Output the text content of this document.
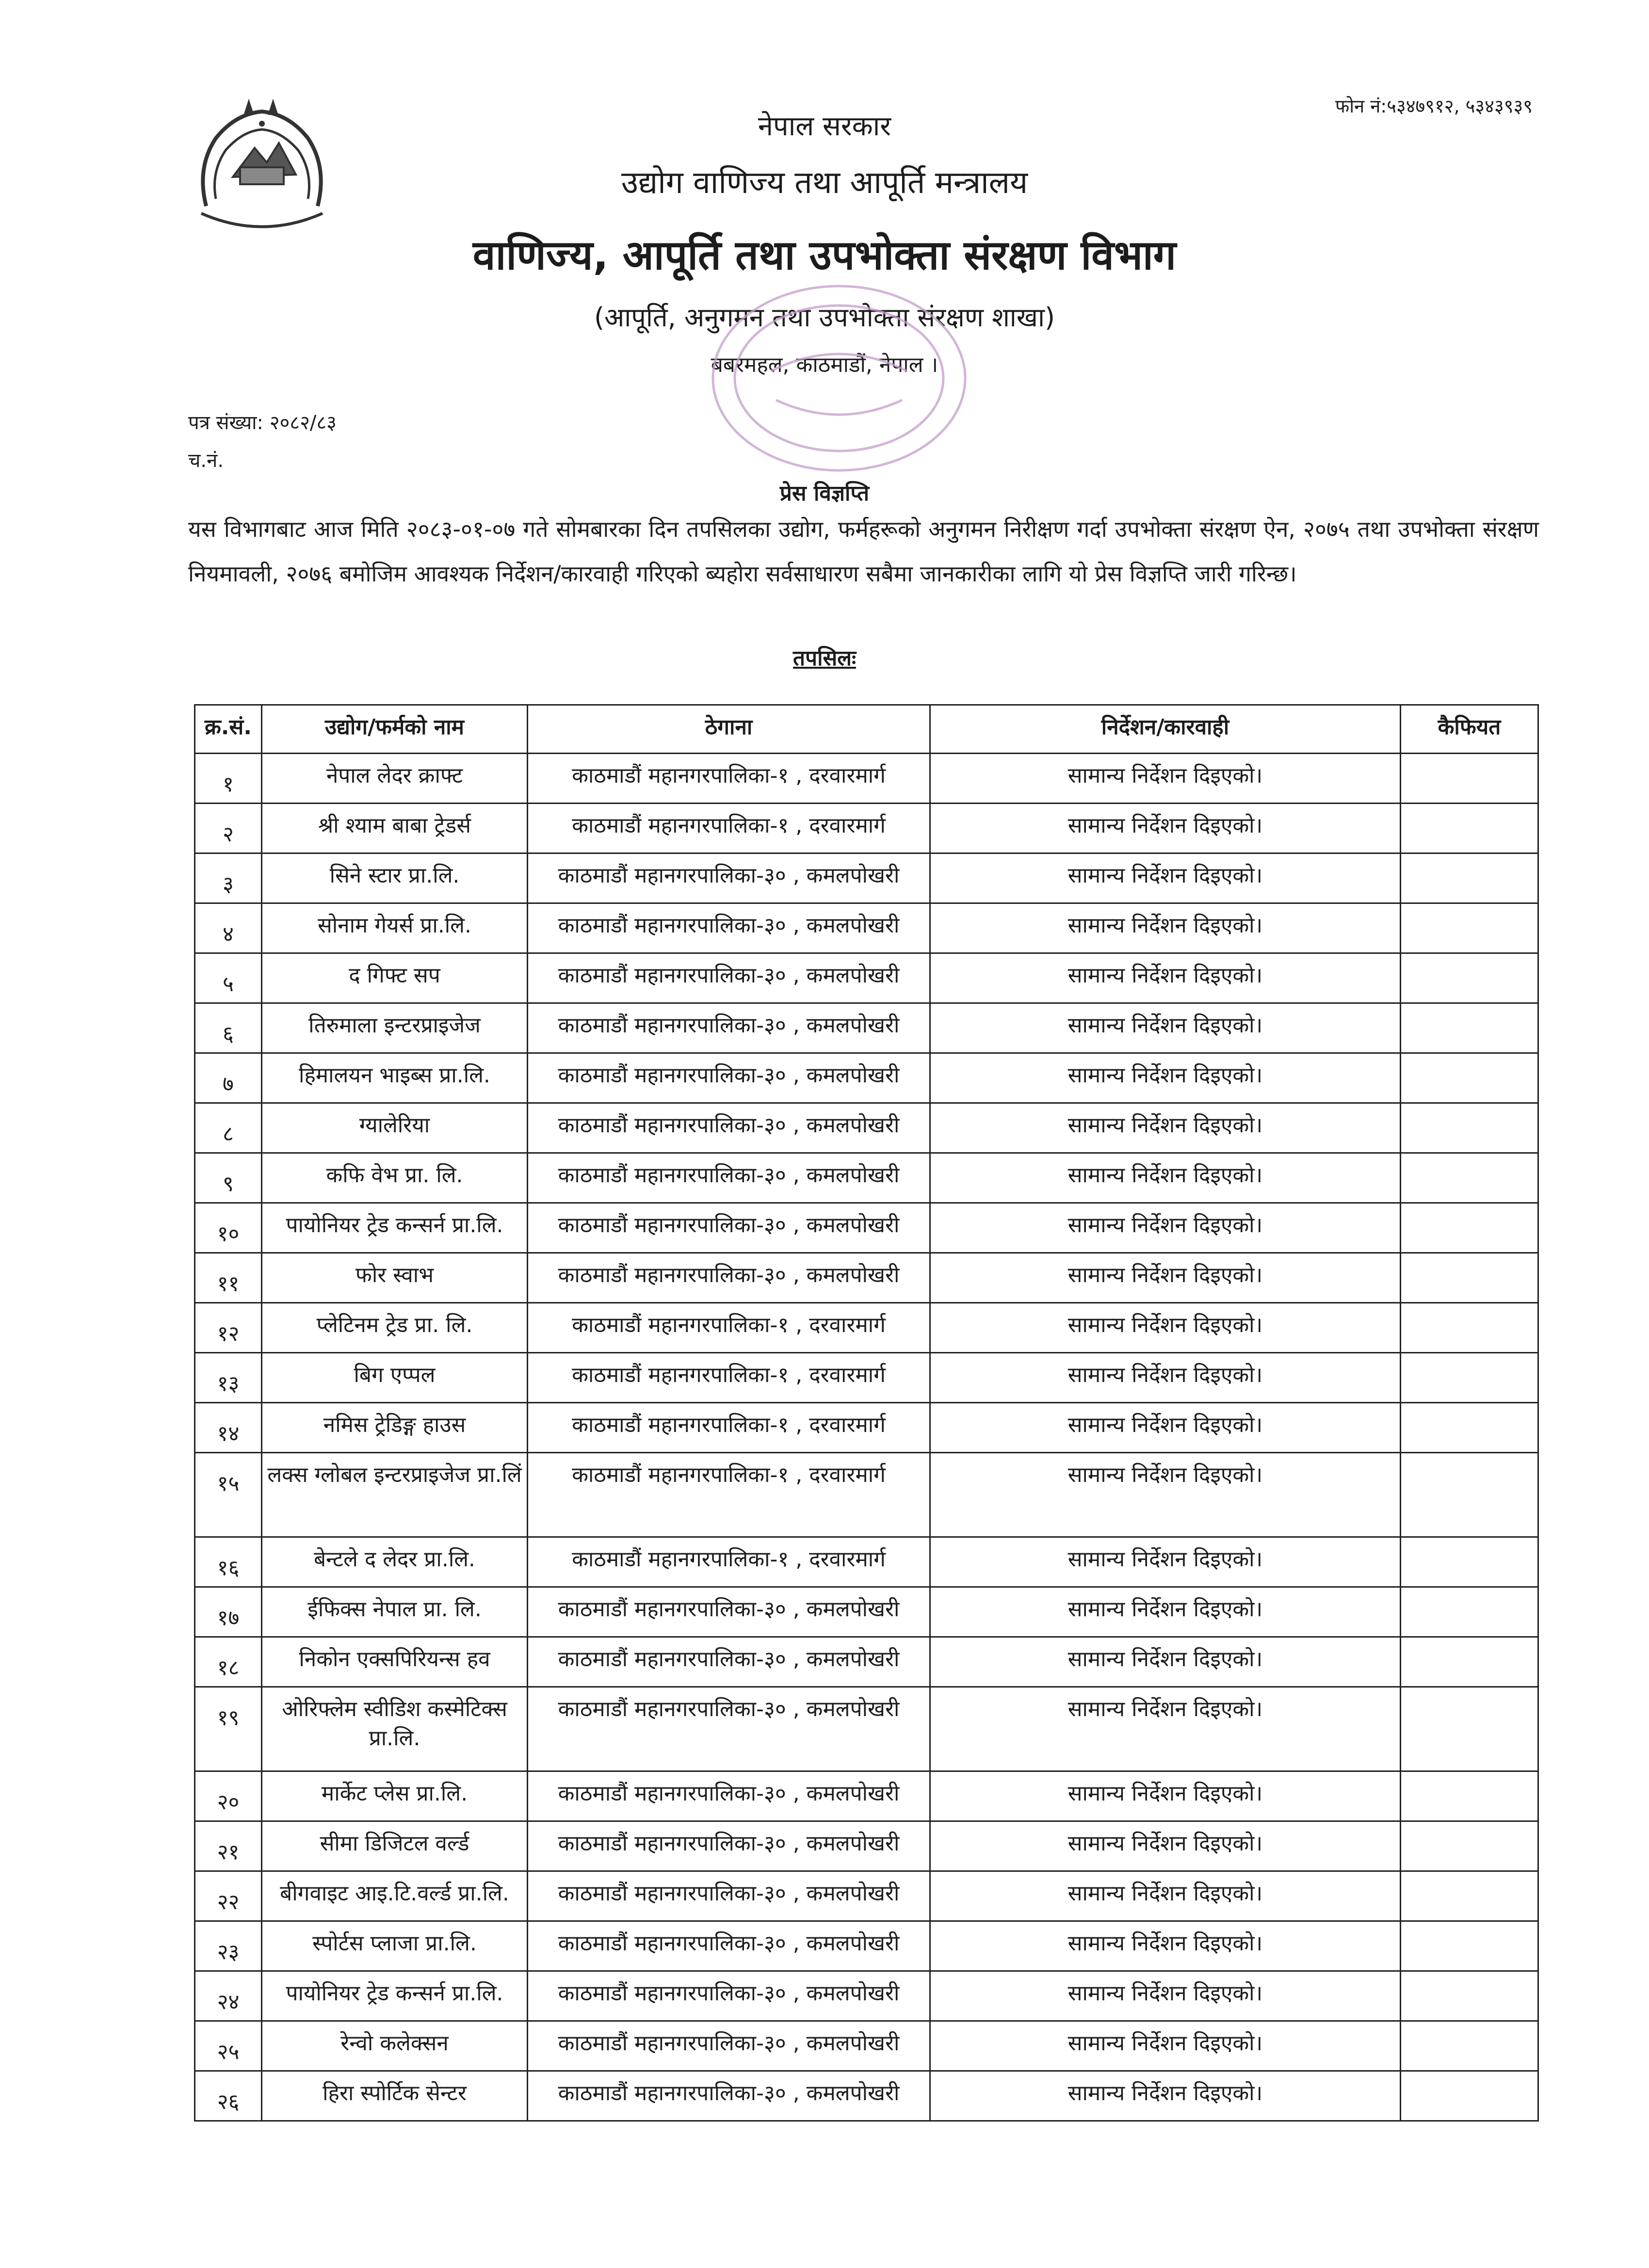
फोन नं:५३४७९१२, ५३४३९३९
नेपाल सरकार
उद्योग वाणिज्य तथा आपूर्ति मन्त्रालय
वाणिज्य, आपूर्ति तथा उपभोक्ता संरक्षण विभाग
(आपूर्ति, अनुगमन तथा उपभोक्ता संरक्षण शाखा)
बबरमहल, काठमाडौं, नेपाल ।
पत्र संख्या: २०८२/८३
च.नं.
प्रेस विज्ञप्ति
यस विभागबाट आज मिति २०८३-०१-०७ गते सोमबारका दिन तपसिलका उद्योग, फर्महरूको अनुगमन निरीक्षण गर्दा उपभोक्ता संरक्षण ऐन, २०७५ तथा उपभोक्ता संरक्षण नियमावली, २०७६ बमोजिम आवश्यक निर्देशन/कारवाही गरिएको ब्यहोरा सर्वसाधारण सबैमा जानकारीका लागि यो प्रेस विज्ञप्ति जारी गरिन्छ।
तपसिलः
क्र.सं.	उद्योग/फर्मको नाम	ठेगाना	निर्देशन/कारवाही	कैफियत
१	नेपाल लेदर क्राफ्ट	काठमाडौं महानगरपालिका-१ , दरवारमार्ग	सामान्य निर्देशन दिइएको।	
२	श्री श्याम बाबा ट्रेडर्स	काठमाडौं महानगरपालिका-१ , दरवारमार्ग	सामान्य निर्देशन दिइएको।	
३	सिने स्टार प्रा.लि.	काठमाडौं महानगरपालिका-३० , कमलपोखरी	सामान्य निर्देशन दिइएको।	
४	सोनाम गेयर्स प्रा.लि.	काठमाडौं महानगरपालिका-३० , कमलपोखरी	सामान्य निर्देशन दिइएको।	
५	द गिफ्ट सप	काठमाडौं महानगरपालिका-३० , कमलपोखरी	सामान्य निर्देशन दिइएको।	
६	तिरुमाला इन्टरप्राइजेज	काठमाडौं महानगरपालिका-३० , कमलपोखरी	सामान्य निर्देशन दिइएको।	
७	हिमालयन भाइब्स प्रा.लि.	काठमाडौं महानगरपालिका-३० , कमलपोखरी	सामान्य निर्देशन दिइएको।	
८	ग्यालेरिया	काठमाडौं महानगरपालिका-३० , कमलपोखरी	सामान्य निर्देशन दिइएको।	
९	कफि वेभ प्रा. लि.	काठमाडौं महानगरपालिका-३० , कमलपोखरी	सामान्य निर्देशन दिइएको।	
१०	पायोनियर ट्रेड कन्सर्न प्रा.लि.	काठमाडौं महानगरपालिका-३० , कमलपोखरी	सामान्य निर्देशन दिइएको।	
११	फोर स्वाभ	काठमाडौं महानगरपालिका-३० , कमलपोखरी	सामान्य निर्देशन दिइएको।	
१२	प्लेटिनम ट्रेड प्रा. लि.	काठमाडौं महानगरपालिका-१ , दरवारमार्ग	सामान्य निर्देशन दिइएको।	
१३	बिग एप्पल	काठमाडौं महानगरपालिका-१ , दरवारमार्ग	सामान्य निर्देशन दिइएको।	
१४	नमिस ट्रेडिङ्ग हाउस	काठमाडौं महानगरपालिका-१ , दरवारमार्ग	सामान्य निर्देशन दिइएको।	
१५	लक्स ग्लोबल इन्टरप्राइजेज प्रा.लिं	काठमाडौं महानगरपालिका-१ , दरवारमार्ग	सामान्य निर्देशन दिइएको।	
१६	बेन्टले द लेदर प्रा.लि.	काठमाडौं महानगरपालिका-१ , दरवारमार्ग	सामान्य निर्देशन दिइएको।	
१७	ईफिक्स नेपाल प्रा. लि.	काठमाडौं महानगरपालिका-३० , कमलपोखरी	सामान्य निर्देशन दिइएको।	
१८	निकोन एक्सपिरियन्स हव	काठमाडौं महानगरपालिका-३० , कमलपोखरी	सामान्य निर्देशन दिइएको।	
१९	ओरिफ्लेम स्वीडिश कस्मेटिक्स प्रा.लि.	काठमाडौं महानगरपालिका-३० , कमलपोखरी	सामान्य निर्देशन दिइएको।	
२०	मार्केट प्लेस प्रा.लि.	काठमाडौं महानगरपालिका-३० , कमलपोखरी	सामान्य निर्देशन दिइएको।	
२१	सीमा डिजिटल वर्ल्ड	काठमाडौं महानगरपालिका-३० , कमलपोखरी	सामान्य निर्देशन दिइएको।	
२२	बीगवाइट आइ.टि.वर्ल्ड प्रा.लि.	काठमाडौं महानगरपालिका-३० , कमलपोखरी	सामान्य निर्देशन दिइएको।	
२३	स्पोर्टस प्लाजा प्रा.लि.	काठमाडौं महानगरपालिका-३० , कमलपोखरी	सामान्य निर्देशन दिइएको।	
२४	पायोनियर ट्रेड कन्सर्न प्रा.लि.	काठमाडौं महानगरपालिका-३० , कमलपोखरी	सामान्य निर्देशन दिइएको।	
२५	रेन्वो कलेक्सन	काठमाडौं महानगरपालिका-३० , कमलपोखरी	सामान्य निर्देशन दिइएको।	
२६	हिरा स्पोर्टिक सेन्टर	काठमाडौं महानगरपालिका-३० , कमलपोखरी	सामान्य निर्देशन दिइएको।	
